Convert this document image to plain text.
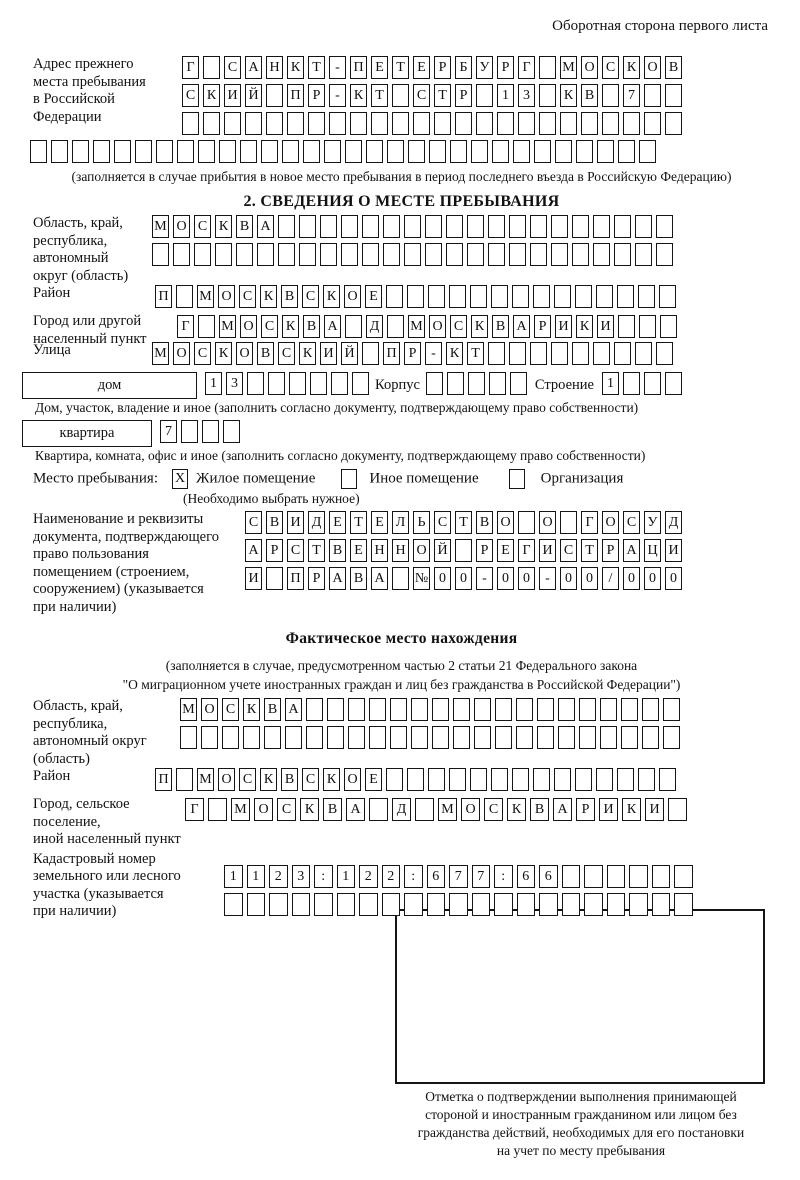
Оборотная сторона первого листа
Адрес прежнего
места пребывания
в Российской
Федерации
Г С А Н К Т - П Е Т Е Р Б У Р Г М О С К О В
С К И Й П Р - К Т С Т Р 1 3 К В 7
(заполняется в случае прибытия в новое место пребывания в период последнего въезда в Российскую Федерацию)
2. СВЕДЕНИЯ О МЕСТЕ ПРЕБЫВАНИЯ
Область, край,
республика,
автономный
округ (область)
М О С К В А
Район	П М О С К В С К О Е
Город или другой
населенный пункт
Г М О С К В А Д М О С К В А Р И К И
Улица	М О С К О В С К И Й П Р - К Т
дом	1 3	Корпус	Строение 1
Дом, участок, владение и иное (заполнить согласно документу, подтверждающему право собственности)
квартира	7
Квартира, комната, офис и иное (заполнить согласно документу, подтверждающему право собственности)
Место пребывания: X Жилое помещение	Иное помещение	Организация
(Необходимо выбрать нужное)
Наименование и реквизиты
документа, подтверждающего
право пользования
помещением (строением,
сооружением) (указывается
при наличии)
С В И Д Е Т Е Л Ь С Т В О О Г О С У Д
А Р С Т В Е Н Н О Й Р Е Г И С Т Р А Ц И
И П Р А В А № 0 0 - 0 0 - 0 0 / 0 0 0
Фактическое место нахождения
(заполняется в случае, предусмотренном частью 2 статьи 21 Федерального закона
"О миграционном учете иностранных граждан и лиц без гражданства в Российской Федерации")
Область, край,
республика,
автономный округ
(область)
М О С К В А
Район	П М О С К В С К О Е
Город, сельское поселение,
иной населенный пункт
Г	М О С К В А	Д М О С К В А Р И К И
Кадастровый номер
земельного или лесного
участка (указывается
при наличии)
1 1 2 3 : 1 2 2 : 6 7 7 : 6 6
Отметка о подтверждении выполнения принимающей
стороной и иностранным гражданином или лицом без
гражданства действий, необходимых для его постановки
на учет по месту пребывания
